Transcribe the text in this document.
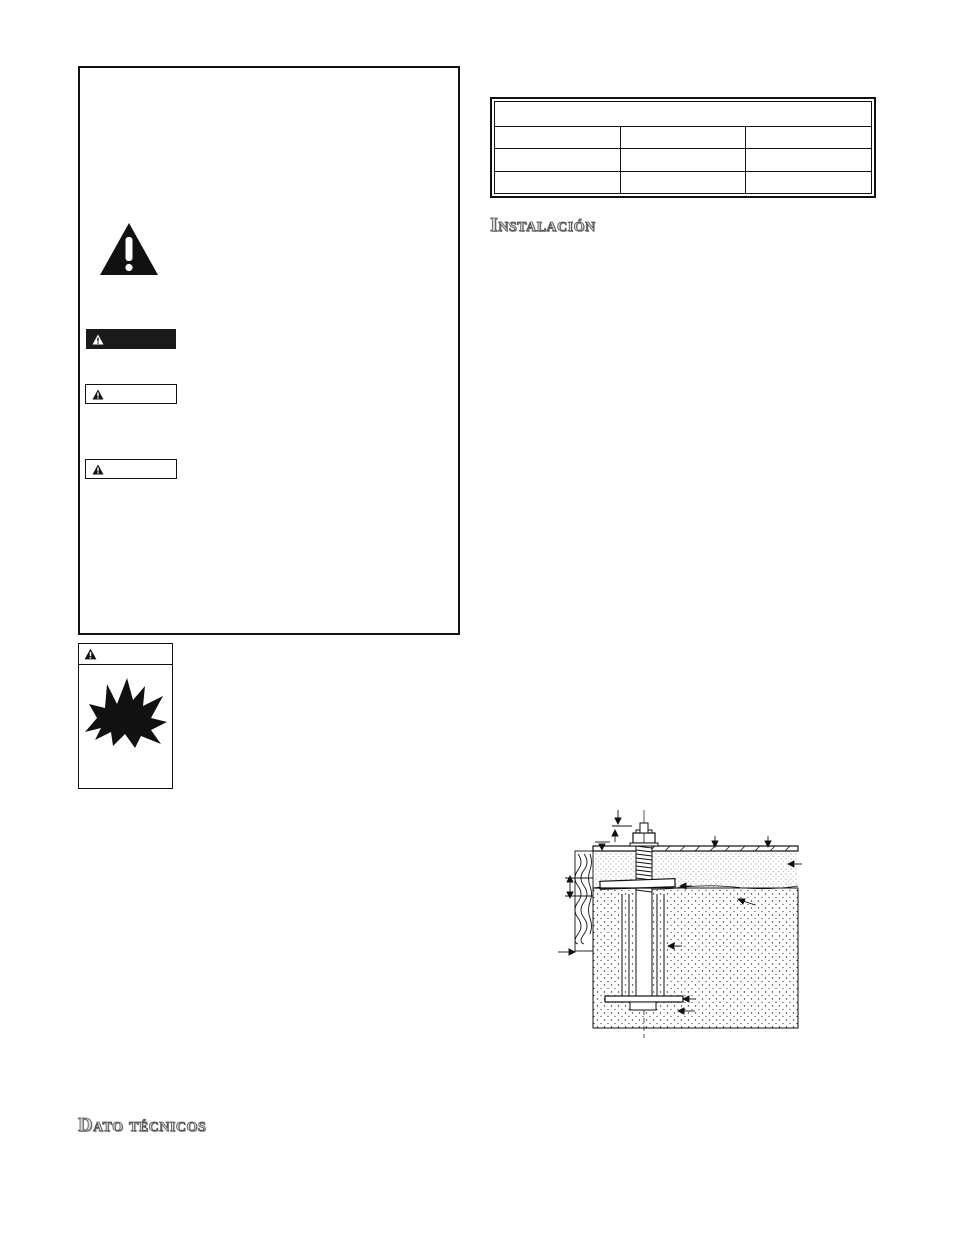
Instalación
Dato técnicos
